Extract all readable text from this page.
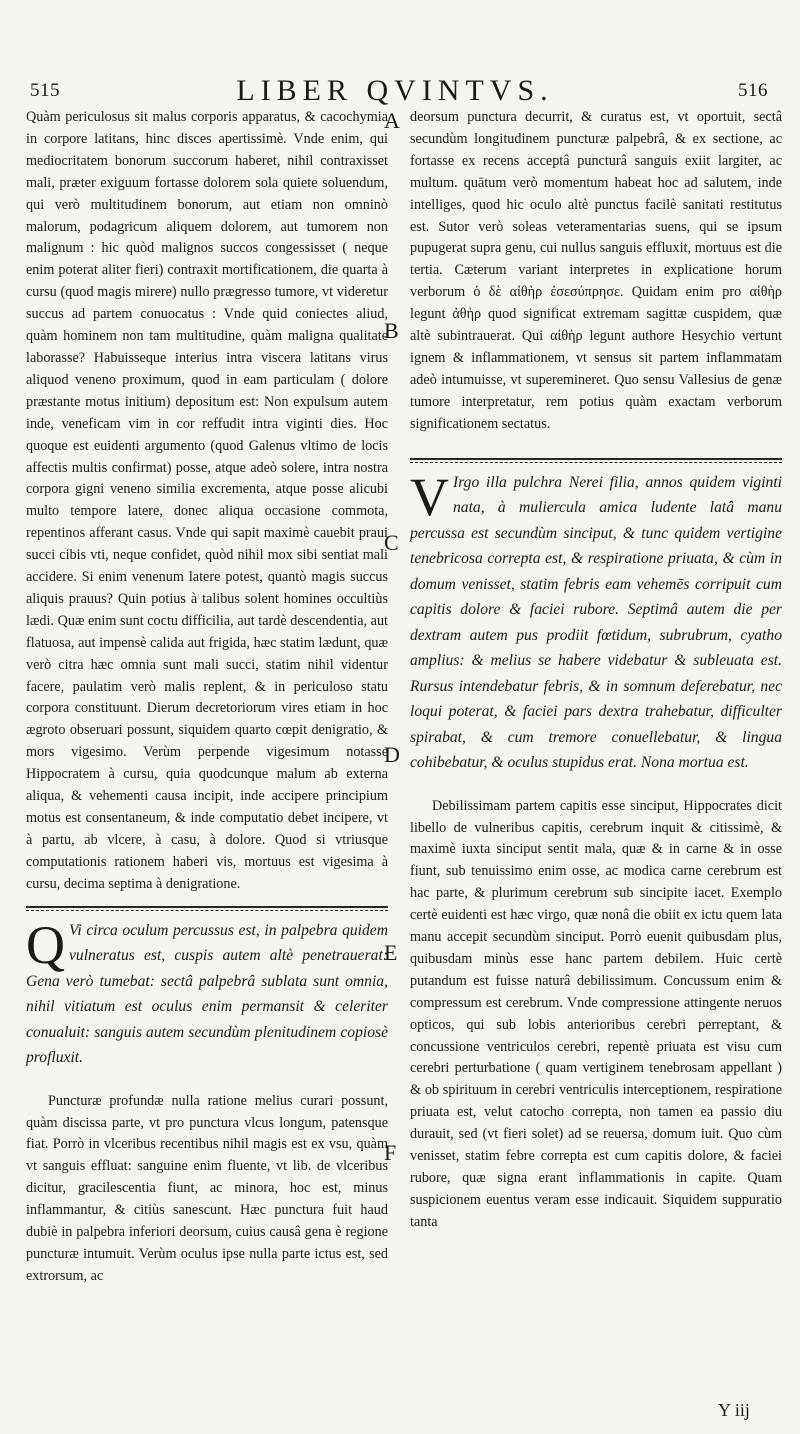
515	LIBER QVINTVS.	516
A
B
C
D
E
F

Quàm periculosus sit malus corporis apparatus, & cacochymia in corpore latitans, hinc disces apertissimè. Vnde enim, qui mediocritatem bonorum succorum haberet, nihil contraxisset mali, præter exiguum fortasse dolorem sola quiete soluendum, qui verò multitudinem bonorum, aut etiam non omninò malorum, podagricum aliquem dolorem, aut tumorem non malignum : hic quòd malignos succos congessisset ( neque enim poterat aliter fieri) contraxit mortificationem, die quarta à cursu (quod magis mirere) nullo prægresso tumore, vt videretur succus ad partem conuocatus : Vnde quid coniectes aliud, quàm hominem non tam multitudine, quàm maligna qualitate laborasse? Habuisseque interius intra viscera latitans virus aliquod veneno proximum, quod in eam particulam ( dolore præstante motus initium) depositum est: Non expulsum autem inde, veneficam vim in cor reffudit intra viginti dies. Hoc quoque est euidenti argumento (quod Galenus vltimo de locis affectis multis confirmat) posse, atque adeò solere, intra nostra corpora gigni veneno similia excrementa, atque posse alicubi multo tempore latere, donec aliqua occasione commota, repentinos afferant casus. Vnde qui sapit maximè cauebit praui succi cibis vti, neque confidet, quòd nihil mox sibi sentiat mali accidere. Si enim venenum latere potest, quantò magis succus aliquis prauus? Quin potius à talibus solent homines occultiùs lædi. Quæ enim sunt coctu difficilia, aut tardè descendentia, aut flatuosa, aut impensè calida aut frigida, hæc statim lædunt, quæ verò citra hæc omnia sunt mali succi, statim nihil videntur facere, paulatim verò malis replent, & in periculoso statu corpora constituunt. Dierum decretoriorum vires etiam in hoc ægroto obseruari possunt, siquidem quarto cœpit denigratio, & mors vigesimo. Verùm perpende vigesimum notasse Hippocratem à cursu, quia quodcunque malum ab externa aliqua, & vehementi causa incipit, inde accipere principium motus est consentaneum, & inde computatio debet incipere, vt à partu, ab vlcere, à casu, à dolore. Quod si vtriusque computationis rationem haberi vis, mortuus est vigesima à cursu, decima septima à denigratione.

Q Vi circa oculum percussus est, in palpebra quidem vulneratus est, cuspis autem altè penetrauerat: Gena verò tumebat: sectâ palpebrâ sublata sunt omnia, nihil vitiatum est oculus enim permansit & celeriter conualuit: sanguis autem secundùm plenitudinem copiosè profluxit.

Puncturæ profundæ nulla ratione melius curari possunt, quàm discissa parte, vt pro punctura vlcus longum, patensque fiat. Porrò in vlceribus recentibus nihil magis est ex vsu, quàm vt sanguis effluat: sanguine enim fluente, vt lib. de vlceribus dicitur, gracilescentia fiunt, ac minora, hoc est, minus inflammantur, & citiùs sanescunt. Hæc punctura fuit haud dubiè in palpebra inferiori deorsum, cuius causâ gena è regione puncturæ intumuit. Verùm oculus ipse nulla parte ictus est, sed extrorsum, ac

deorsum punctura decurrit, & curatus est, vt oportuit, sectâ secundùm longitudinem puncturæ palpebrâ, & ex sectione, ac fortasse ex recens acceptâ puncturâ sanguis exiit largiter, ac multum. quātum verò momentum habeat hoc ad salutem, inde intelliges, quod hic oculo altè punctus facilè sanitati restitutus est. Sutor verò soleas veteramentarias suens, qui se ipsum pupugerat supra genu, cui nullus sanguis effluxit, mortuus est die tertia. Cæterum variant interpretes in explicatione horum verborum ὁ δὲ αἰθὴρ ἐσεσύπρησε. Quidam enim pro αἰθὴρ legunt ἀθὴρ quod significat extremam sagittæ cuspidem, quæ altè subintrauerat. Qui αἰθὴρ legunt authore Hesychio vertunt ignem & inflammationem, vt sensus sit partem inflammatam adeò intumuisse, vt superemineret. Quo sensu Vallesius de genæ tumore interpretatur, rem potius quàm exactam verborum significationem sectatus.

V Irgo illa pulchra Nerei filia, annos quidem viginti nata, à muliercula amica ludente latâ manu percussa est secundùm sinciput, & tunc quidem vertigine tenebricosa correpta est, & respiratione priuata, & cùm in domum venisset, statim febris eam vehemēs corripuit cum capitis dolore & faciei rubore. Septimâ autem die per dextram autem pus prodiit fœtidum, subrubrum, cyatho amplius: & melius se habere videbatur & subleuata est. Rursus intendebatur febris, & in somnum deferebatur, nec loqui poterat, & faciei pars dextra trahebatur, difficulter spirabat, & cum tremore conuellebatur, & lingua cohibebatur, & oculus stupidus erat. Nona mortua est.

Debilissimam partem capitis esse sinciput, Hippocrates dicit libello de vulneribus capitis, cerebrum inquit & citissimè, & maximè iuxta sinciput sentit mala, quæ & in carne & in osse fiunt, sub tenuissimo enim osse, ac modica carne cerebrum est hac parte, & plurimum cerebrum sub sincipite iacet. Exemplo certè euidenti est hæc virgo, quæ nonâ die obiit ex ictu quem lata manu accepit secundùm sinciput. Porrò euenit quibusdam plus, quibusdam minùs esse hanc partem debilem. Huic certè putandum est fuisse naturâ debilissimum. Concussum enim & compressum est cerebrum. Vnde compressione attingente neruos opticos, qui sub lobis anterioribus cerebri perreptant, & concussione ventriculos cerebri, repentè priuata est visu cum cerebri perturbatione ( quam vertiginem tenebrosam appellant ) & ob spirituum in cerebri ventriculis interceptionem, respiratione priuata est, velut catocho correpta, non tamen ea passio diu durauit, sed (vt fieri solet) ad se reuersa, domum iuit. Quo cùm venisset, statim febre correpta est cum capitis dolore, & faciei rubore, quæ signa erant inflammationis in capite. Quam suspicionem euentus veram esse indicauit. Siquidem suppuratio tanta

Y iij
